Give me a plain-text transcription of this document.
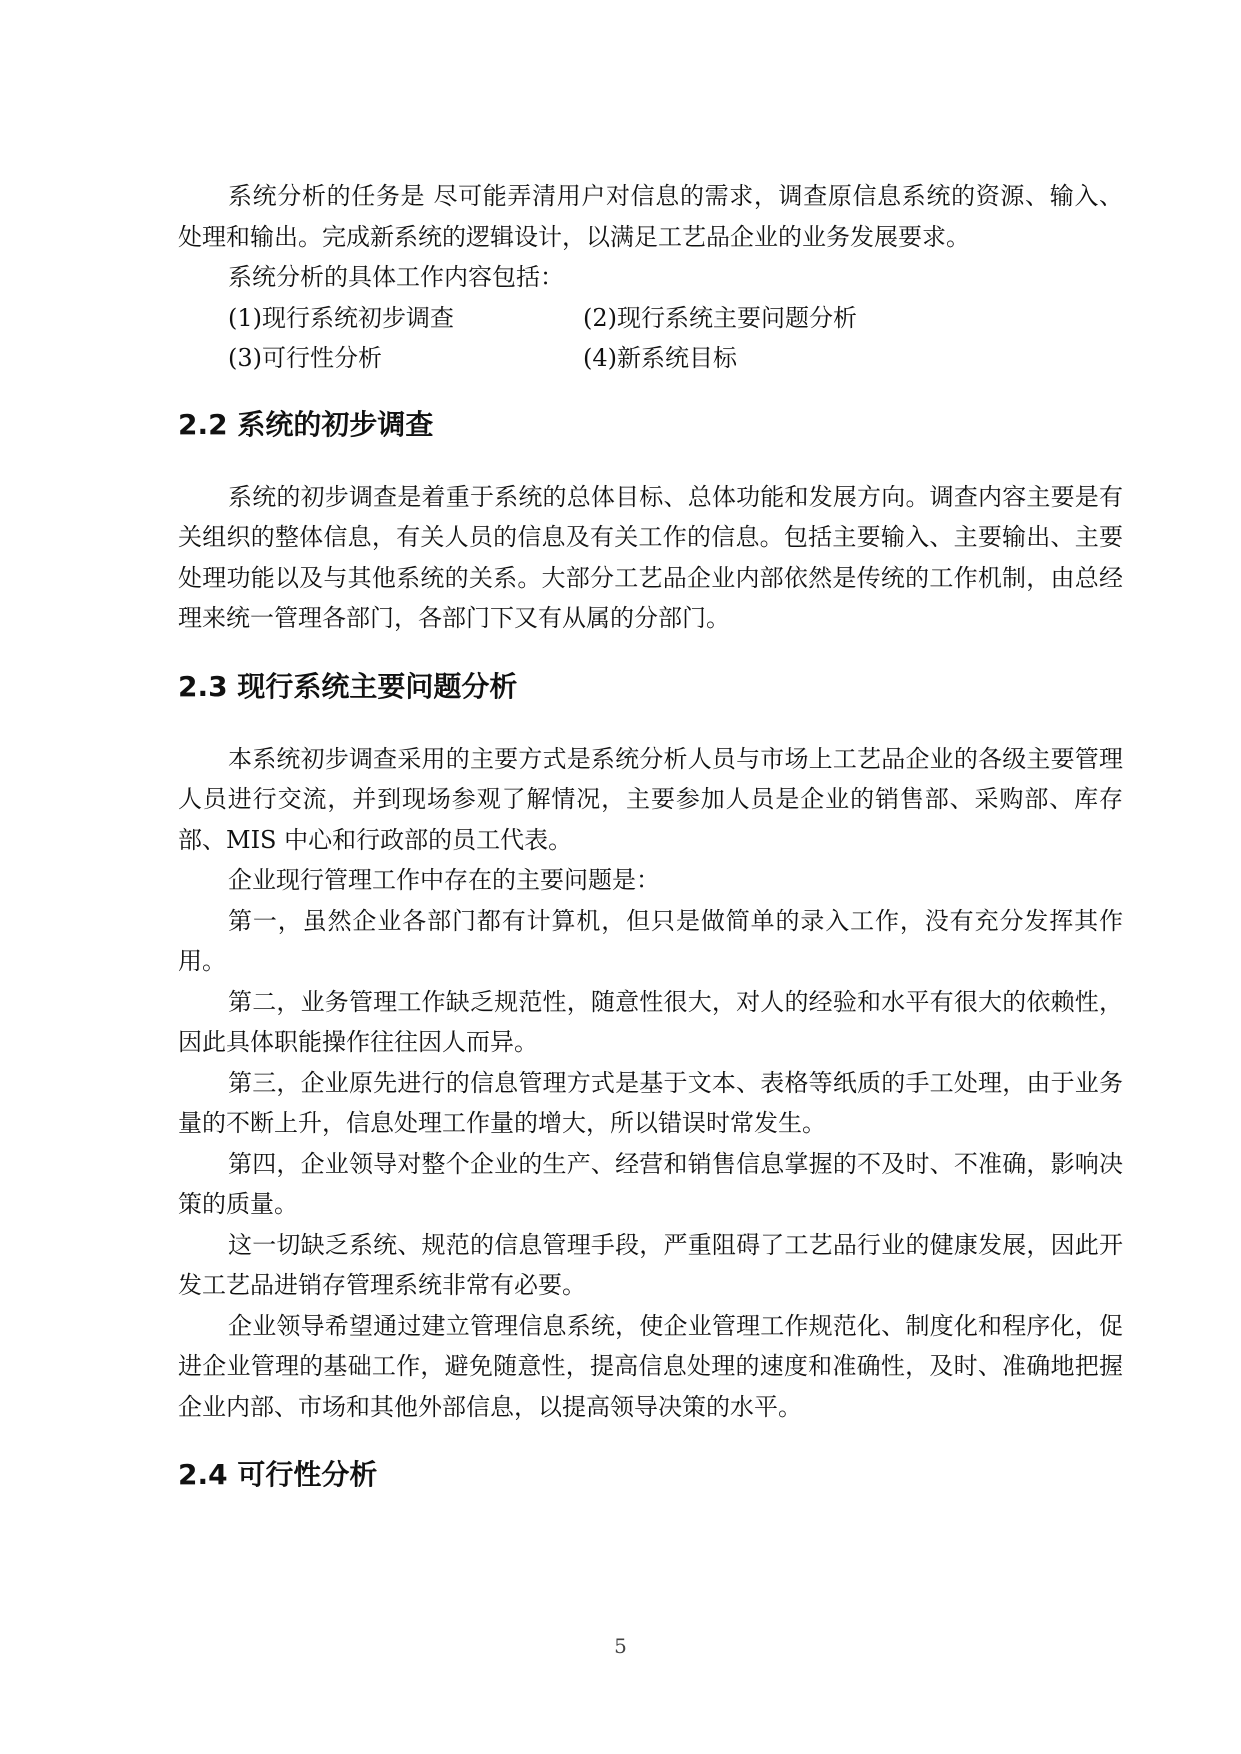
系统分析的任务是 尽可能弄清用户对信息的需求，调查原信息系统的资源、输入、处理和输出。完成新系统的逻辑设计，以满足工艺品企业的业务发展要求。

系统分析的具体工作内容包括：

(1)现行系统初步调查	(2)现行系统主要问题分析
(3)可行性分析	(4)新系统目标
2.2 系统的初步调查

系统的初步调查是着重于系统的总体目标、总体功能和发展方向。调查内容主要是有关组织的整体信息，有关人员的信息及有关工作的信息。包括主要输入、主要输出、主要处理功能以及与其他系统的关系。大部分工艺品企业内部依然是传统的工作机制，由总经理来统一管理各部门，各部门下又有从属的分部门。

2.3 现行系统主要问题分析

本系统初步调查采用的主要方式是系统分析人员与市场上工艺品企业的各级主要管理人员进行交流，并到现场参观了解情况，主要参加人员是企业的销售部、采购部、库存部、MIS 中心和行政部的员工代表。

企业现行管理工作中存在的主要问题是：

第一，虽然企业各部门都有计算机，但只是做简单的录入工作，没有充分发挥其作用。

第二，业务管理工作缺乏规范性，随意性很大，对人的经验和水平有很大的依赖性，因此具体职能操作往往因人而异。

第三，企业原先进行的信息管理方式是基于文本、表格等纸质的手工处理，由于业务量的不断上升，信息处理工作量的增大，所以错误时常发生。

第四，企业领导对整个企业的生产、经营和销售信息掌握的不及时、不准确，影响决策的质量。

这一切缺乏系统、规范的信息管理手段，严重阻碍了工艺品行业的健康发展，因此开发工艺品进销存管理系统非常有必要。

企业领导希望通过建立管理信息系统，使企业管理工作规范化、制度化和程序化，促进企业管理的基础工作，避免随意性，提高信息处理的速度和准确性，及时、准确地把握企业内部、市场和其他外部信息，以提高领导决策的水平。

2.4 可行性分析
5
